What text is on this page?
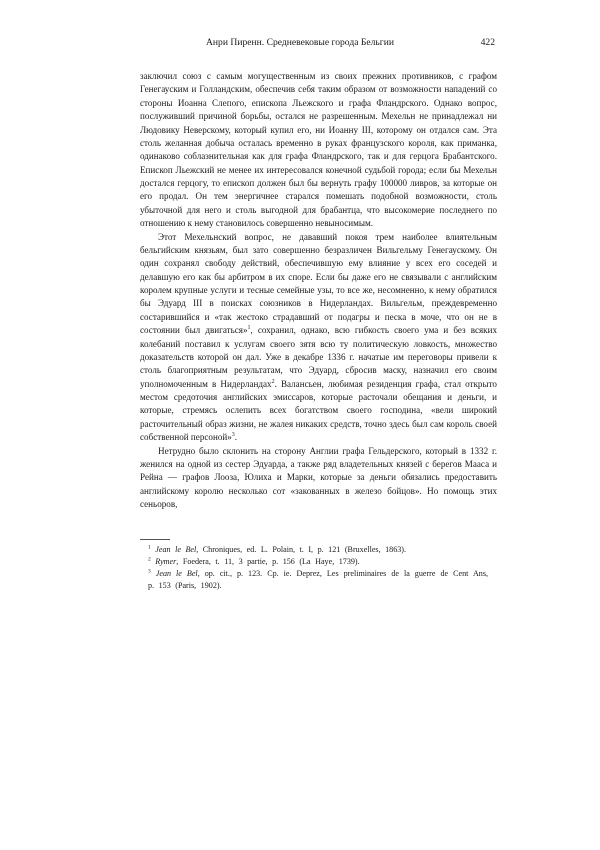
Анри Пиренн. Средневековые города Бельгии	422

заключил союз с самым могущественным из своих прежних противников, с графом Генегауским и Голландским, обеспечив себя таким образом от возможности нападений со стороны Иоанна Слепого, епископа Льежского и графа Фландрского. Однако вопрос, послуживший причиной борьбы, остался не разрешенным. Мехельн не принадлежал ни Людовику Неверскому, который купил его, ни Иоанну III, которому он отдался сам. Эта столь желанная добыча осталась временно в руках французского короля, как приманка, одинаково соблазнительная как для графа Фландрского, так и для герцога Брабантского. Епископ Льежский не менее их интересовался конечной судьбой города; если бы Мехельн достался герцогу, то епископ должен был бы вернуть графу 100000 ливров, за которые он его продал. Он тем энергичнее старался помешать подобной возможности, столь убыточной для него и столь выгодной для брабантца, что высокомерие последнего по отношению к нему становилось совершенно невыносимым.

Этот Мехельнский вопрос, не дававший покоя трем наиболее влиятельным бельгийским князьям, был зато совершенно безразличен Вильгельму Генегаускому. Он один сохранял свободу действий, обеспечившую ему влияние у всех его соседей и делавшую его как бы арбитром в их споре. Если бы даже его не связывали с английским королем крупные услуги и тесные семейные узы, то все же, несомненно, к нему обратился бы Эдуард III в поисках союзников в Нидерландах. Вильгельм, преждевременно состарившийся и «так жестоко страдавший от подагры и песка в моче, что он не в состоянии был двигаться»$^1$, сохранил, однако, всю гибкость своего ума и без всяких колебаний поставил к услугам своего зятя всю ту политическую ловкость, множество доказательств которой он дал. Уже в декабре 1336 г. начатые им переговоры привели к столь благоприятным результатам, что Эдуард, сбросив маску, назначил его своим уполномоченным в Нидерландах$^2$. Валансьен, любимая резиденция графа, стал открыто местом средоточия английских эмиссаров, которые расточали обещания и деньги, и которые, стремясь ослепить всех богатством своего господина, «вели широкий расточительный образ жизни, не жалея никаких средств, точно здесь был сам король своей собственной персоной»$^3$.

Нетрудно было склонить на сторону Англии графа Гельдерского, который в 1332 г. женился на одной из сестер Эдуарда, а также ряд владетельных князей с берегов Мааса и Рейна — графов Лооза, Юлиха и Марки, которые за деньги обязались предоставить английскому королю несколько сот «закованных в железо бойцов». Но помощь этих сеньоров,

$^1$ Jean le Bel, Chroniques, ed. L. Polain, t. I, p. 121 (Bruxelles, 1863).

$^2$ Rymer, Foedera, t. 11, 3 partie, p. 156 (La Haye, 1739).

$^3$ Jean le Bel, op. cit., p. 123. Cp. ie. Deprez, Les preliminaires de la guerre de Cent Ans, p. 153 (Paris, 1902).
